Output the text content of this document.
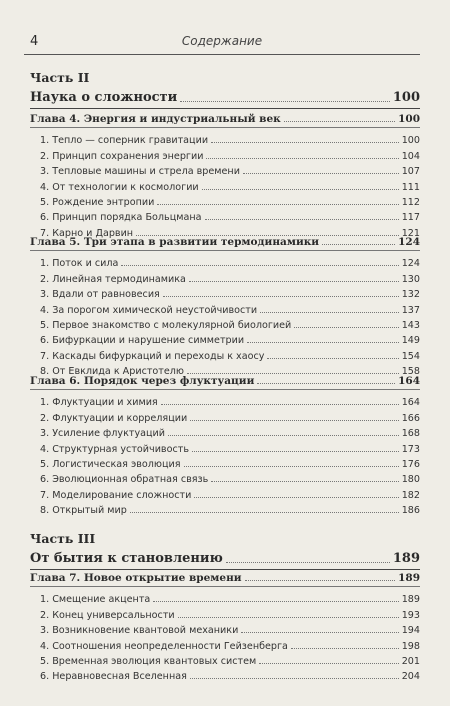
4	Содержание
Часть II
Наука о сложности	100
Глава 4. Энергия и индустриальный век	100
1. Тепло — соперник гравитации	100
2. Принцип сохранения энергии	104
3. Тепловые машины и стрела времени	107
4. От технологии к космологии	111
5. Рождение энтропии	112
6. Принцип порядка Больцмана	117
7. Карно и Дарвин	121
Глава 5. Три этапа в развитии термодинамики	124
1. Поток и сила	124
2. Линейная термодинамика	130
3. Вдали от равновесия	132
4. За порогом химической неустойчивости	137
5. Первое знакомство с молекулярной биологией	143
6. Бифуркации и нарушение симметрии	149
7. Каскады бифуркаций и переходы к хаосу	154
8. От Евклида к Аристотелю	158
Глава 6. Порядок через флуктуации	164
1. Флуктуации и химия	164
2. Флуктуации и корреляции	166
3. Усиление флуктуаций	168
4. Структурная устойчивость	173
5. Логистическая эволюция	176
6. Эволюционная обратная связь	180
7. Моделирование сложности	182
8. Открытый мир	186
Часть III
От бытия к становлению	189
Глава 7. Новое открытие времени	189
1. Смещение акцента	189
2. Конец универсальности	193
3. Возникновение квантовой механики	194
4. Соотношения неопределенности Гейзенберга	198
5. Временная эволюция квантовых систем	201
6. Неравновесная Вселенная	204
